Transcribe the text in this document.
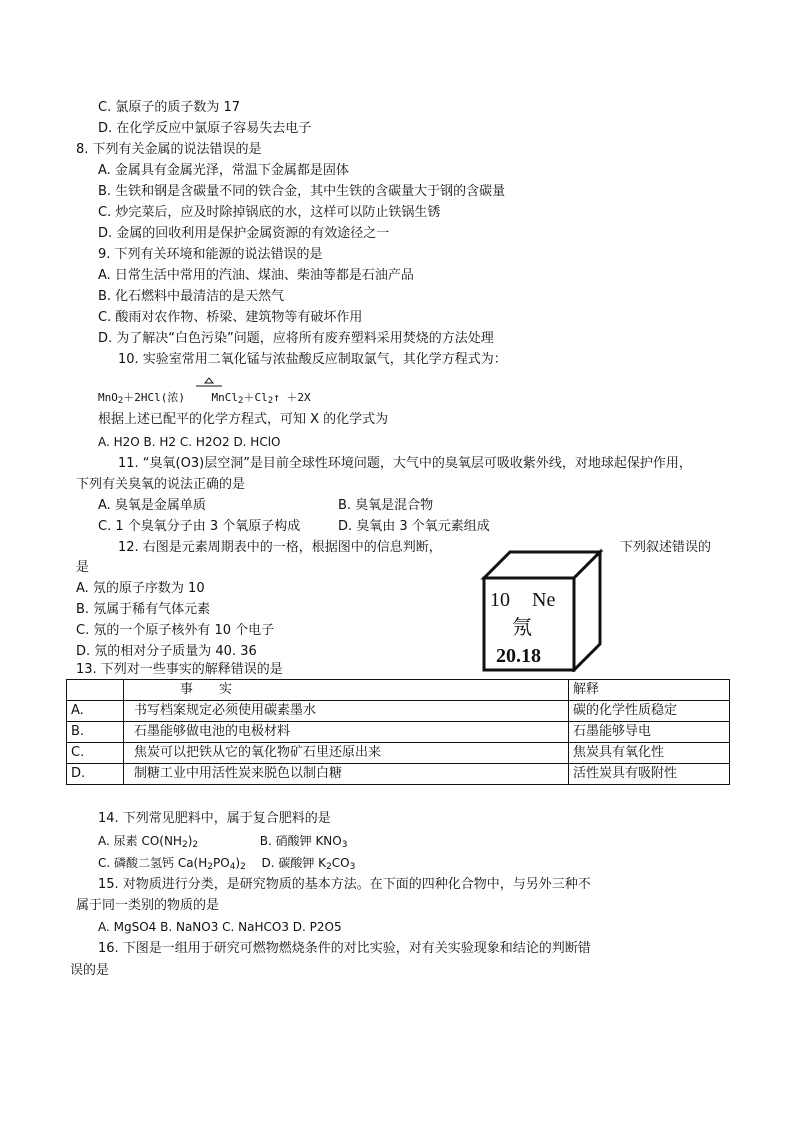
C. 氯原子的质子数为 17
D. 在化学反应中氯原子容易失去电子
8. 下列有关金属的说法错误的是
A. 金属具有金属光泽，常温下金属都是固体
B. 生铁和钢是含碳量不同的铁合金，其中生铁的含碳量大于钢的含碳量
C. 炒完菜后，应及时除掉锅底的水，这样可以防止铁锅生锈
D. 金属的回收利用是保护金属资源的有效途径之一
9. 下列有关环境和能源的说法错误的是
A. 日常生活中常用的汽油、煤油、柴油等都是石油产品
B. 化石燃料中最清洁的是天然气
C. 酸雨对农作物、桥梁、建筑物等有破坏作用
D. 为了解决“白色污染”问题，应将所有废弃塑料采用焚烧的方法处理
10. 实验室常用二氧化锰与浓盐酸反应制取氯气，其化学方程式为：
MnO$_2$＋2HCl(浓) $MnCl_2+Cl_2↑ +2X$
根据上述已配平的化学方程式，可知 X 的化学式为
A. H2O B. H2 C. H2O2 D. HClO
11. “臭氧(O3)层空洞”是目前全球性环境问题，大气中的臭氧层可吸收紫外线，对地球起保护作用，
下列有关臭氧的说法正确的是
A. 臭氧是金属单质	B. 臭氧是混合物
C. 1 个臭氧分子由 3 个氧原子构成	D. 臭氧由 3 个氧元素组成
12. 右图是元素周期表中的一格，根据图中的信息判断，	下列叙述错误的
是
A. 氖的原子序数为 10
B. 氖属于稀有气体元素
C. 氖的一个原子核外有 10 个电子
D. 氖的相对分子质量为 40. 36
10 Ne
氖
20.18
13. 下列对一些事实的解释错误的是
	事　　实	解释
A.	书写档案规定必须使用碳素墨水	碳的化学性质稳定
B.	石墨能够做电池的电极材料	石墨能够导电
C.	焦炭可以把铁从它的氧化物矿石里还原出来	焦炭具有氧化性
D.	制糖工业中用活性炭来脱色以制白糖	活性炭具有吸附性
14. 下列常见肥料中，属于复合肥料的是
A. 尿素 $CO(NH_2)_2$	B. 硝酸钾 $KNO_3$
C. 磷酸二氢钙 $Ca(H_2PO_4)_2$ D. 碳酸钾 $K_2CO_3$
15. 对物质进行分类，是研究物质的基本方法。在下面的四种化合物中，与另外三种不
属于同一类别的物质的是
A. MgSO4 B. NaNO3 C. NaHCO3 D. P2O5
16. 下图是一组用于研究可燃物燃烧条件的对比实验，对有关实验现象和结论的判断错
误的是
